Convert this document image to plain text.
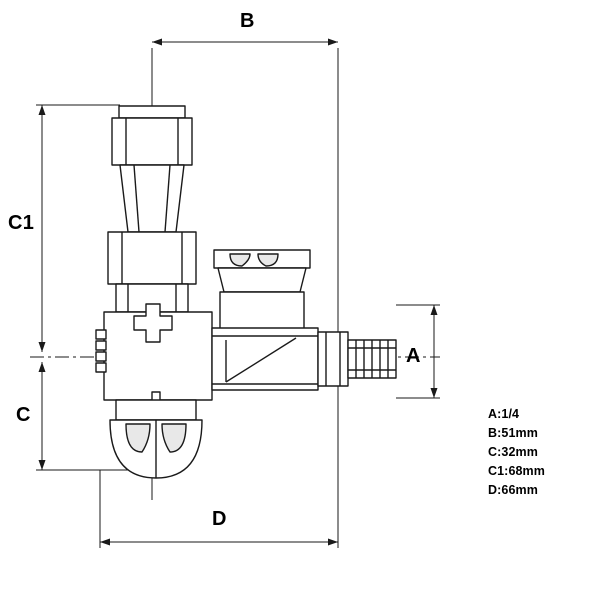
B
A
C1
C
D
A:1/4
B:51mm
C:32mm
C1:68mm
D:66mm
